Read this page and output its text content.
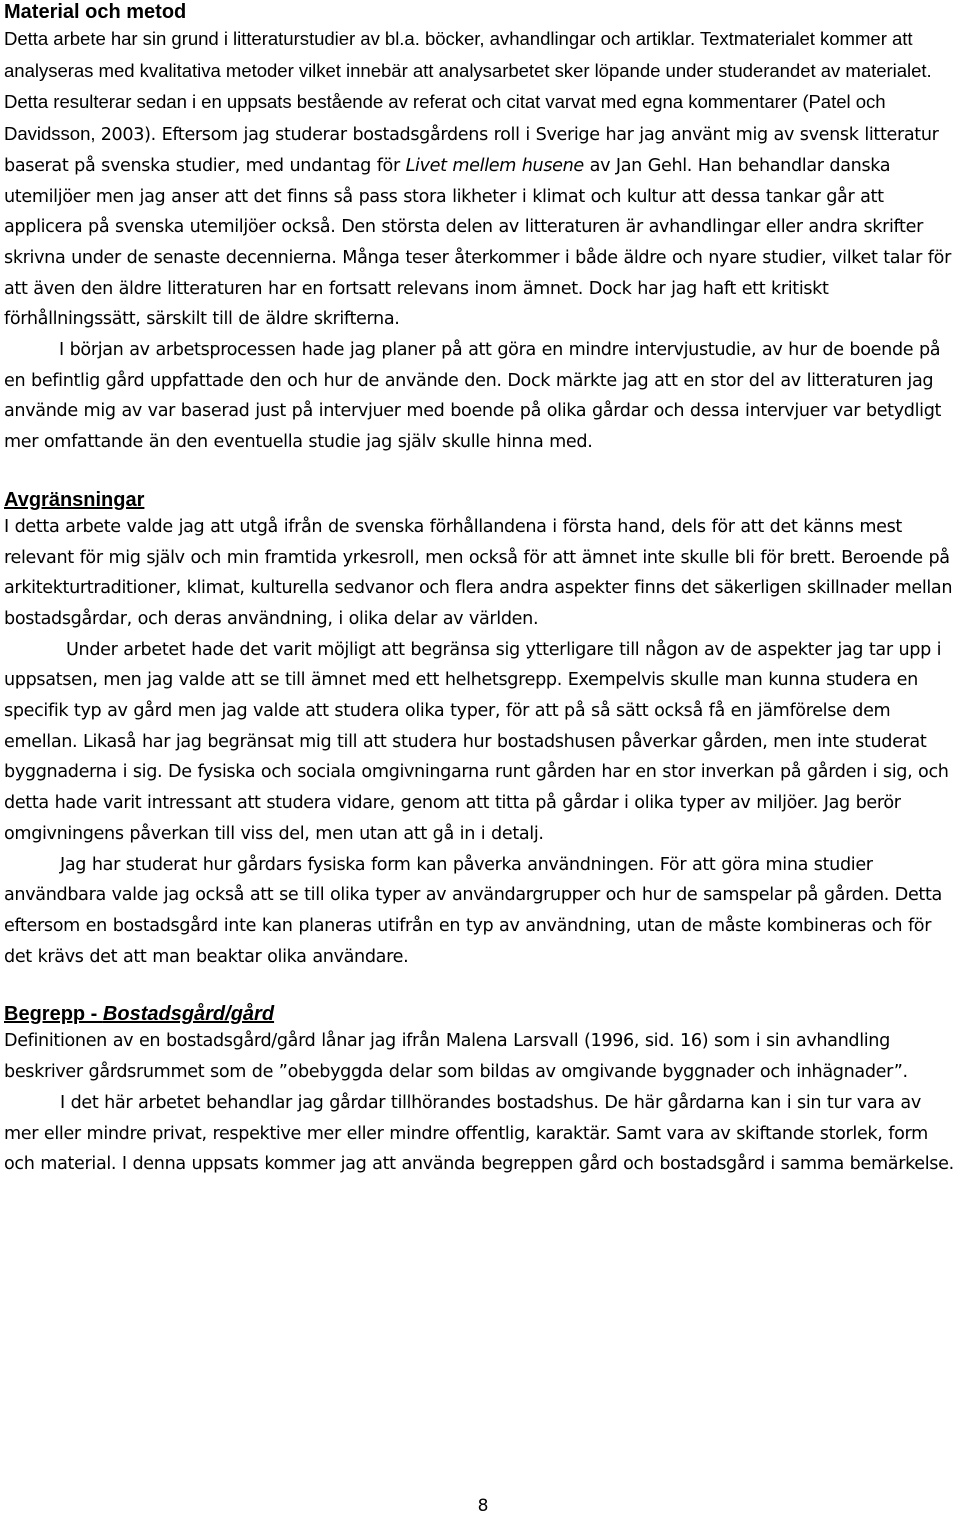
Material och metod

Detta arbete har sin grund i litteraturstudier av bl.a. böcker, avhandlingar och artiklar. Textmaterialet kommer att analyseras med kvalitativa metoder vilket innebär att analysarbetet sker löpande under studerandet av materialet. Detta resulterar sedan i en uppsats bestående av referat och citat varvat med egna kommentarer (Patel och Davidsson, 2003). Eftersom jag studerar bostadsgårdens roll i Sverige har jag använt mig av svensk litteratur baserat på svenska studier, med undantag för Livet mellem husene av Jan Gehl. Han behandlar danska utemiljöer men jag anser att det finns så pass stora likheter i klimat och kultur att dessa tankar går att applicera på svenska utemiljöer också. Den största delen av litteraturen är avhandlingar eller andra skrifter skrivna under de senaste decennierna. Många teser återkommer i både äldre och nyare studier, vilket talar för att även den äldre litteraturen har en fortsatt relevans inom ämnet. Dock har jag haft ett kritiskt förhållningssätt, särskilt till de äldre skrifterna.

I början av arbetsprocessen hade jag planer på att göra en mindre intervjustudie, av hur de boende på en befintlig gård uppfattade den och hur de använde den. Dock märkte jag att en stor del av litteraturen jag använde mig av var baserad just på intervjuer med boende på olika gårdar och dessa intervjuer var betydligt mer omfattande än den eventuella studie jag själv skulle hinna med.

Avgränsningar

I detta arbete valde jag att utgå ifrån de svenska förhållandena i första hand, dels för att det känns mest relevant för mig själv och min framtida yrkesroll, men också för att ämnet inte skulle bli för brett. Beroende på arkitekturtraditioner, klimat, kulturella sedvanor och flera andra aspekter finns det säkerligen skillnader mellan bostadsgårdar, och deras användning, i olika delar av världen.

Under arbetet hade det varit möjligt att begränsa sig ytterligare till någon av de aspekter jag tar upp i uppsatsen, men jag valde att se till ämnet med ett helhetsgrepp. Exempelvis skulle man kunna studera en specifik typ av gård men jag valde att studera olika typer, för att på så sätt också få en jämförelse dem emellan. Likaså har jag begränsat mig till att studera hur bostadshusen påverkar gården, men inte studerat byggnaderna i sig. De fysiska och sociala omgivningarna runt gården har en stor inverkan på gården i sig, och detta hade varit intressant att studera vidare, genom att titta på gårdar i olika typer av miljöer. Jag berör omgivningens påverkan till viss del, men utan att gå in i detalj.

Jag har studerat hur gårdars fysiska form kan påverka användningen. För att göra mina studier användbara valde jag också att se till olika typer av användargrupper och hur de samspelar på gården. Detta eftersom en bostadsgård inte kan planeras utifrån en typ av användning, utan de måste kombineras och för det krävs det att man beaktar olika användare.

Begrepp - Bostadsgård/gård

Definitionen av en bostadsgård/gård lånar jag ifrån Malena Larsvall (1996, sid. 16) som i sin avhandling beskriver gårdsrummet som de ”obebyggda delar som bildas av omgivande byggnader och inhägnader”.

I det här arbetet behandlar jag gårdar tillhörandes bostadshus. De här gårdarna kan i sin tur vara av mer eller mindre privat, respektive mer eller mindre offentlig, karaktär. Samt vara av skiftande storlek, form och material. I denna uppsats kommer jag att använda begreppen gård och bostadsgård i samma bemärkelse.

8
